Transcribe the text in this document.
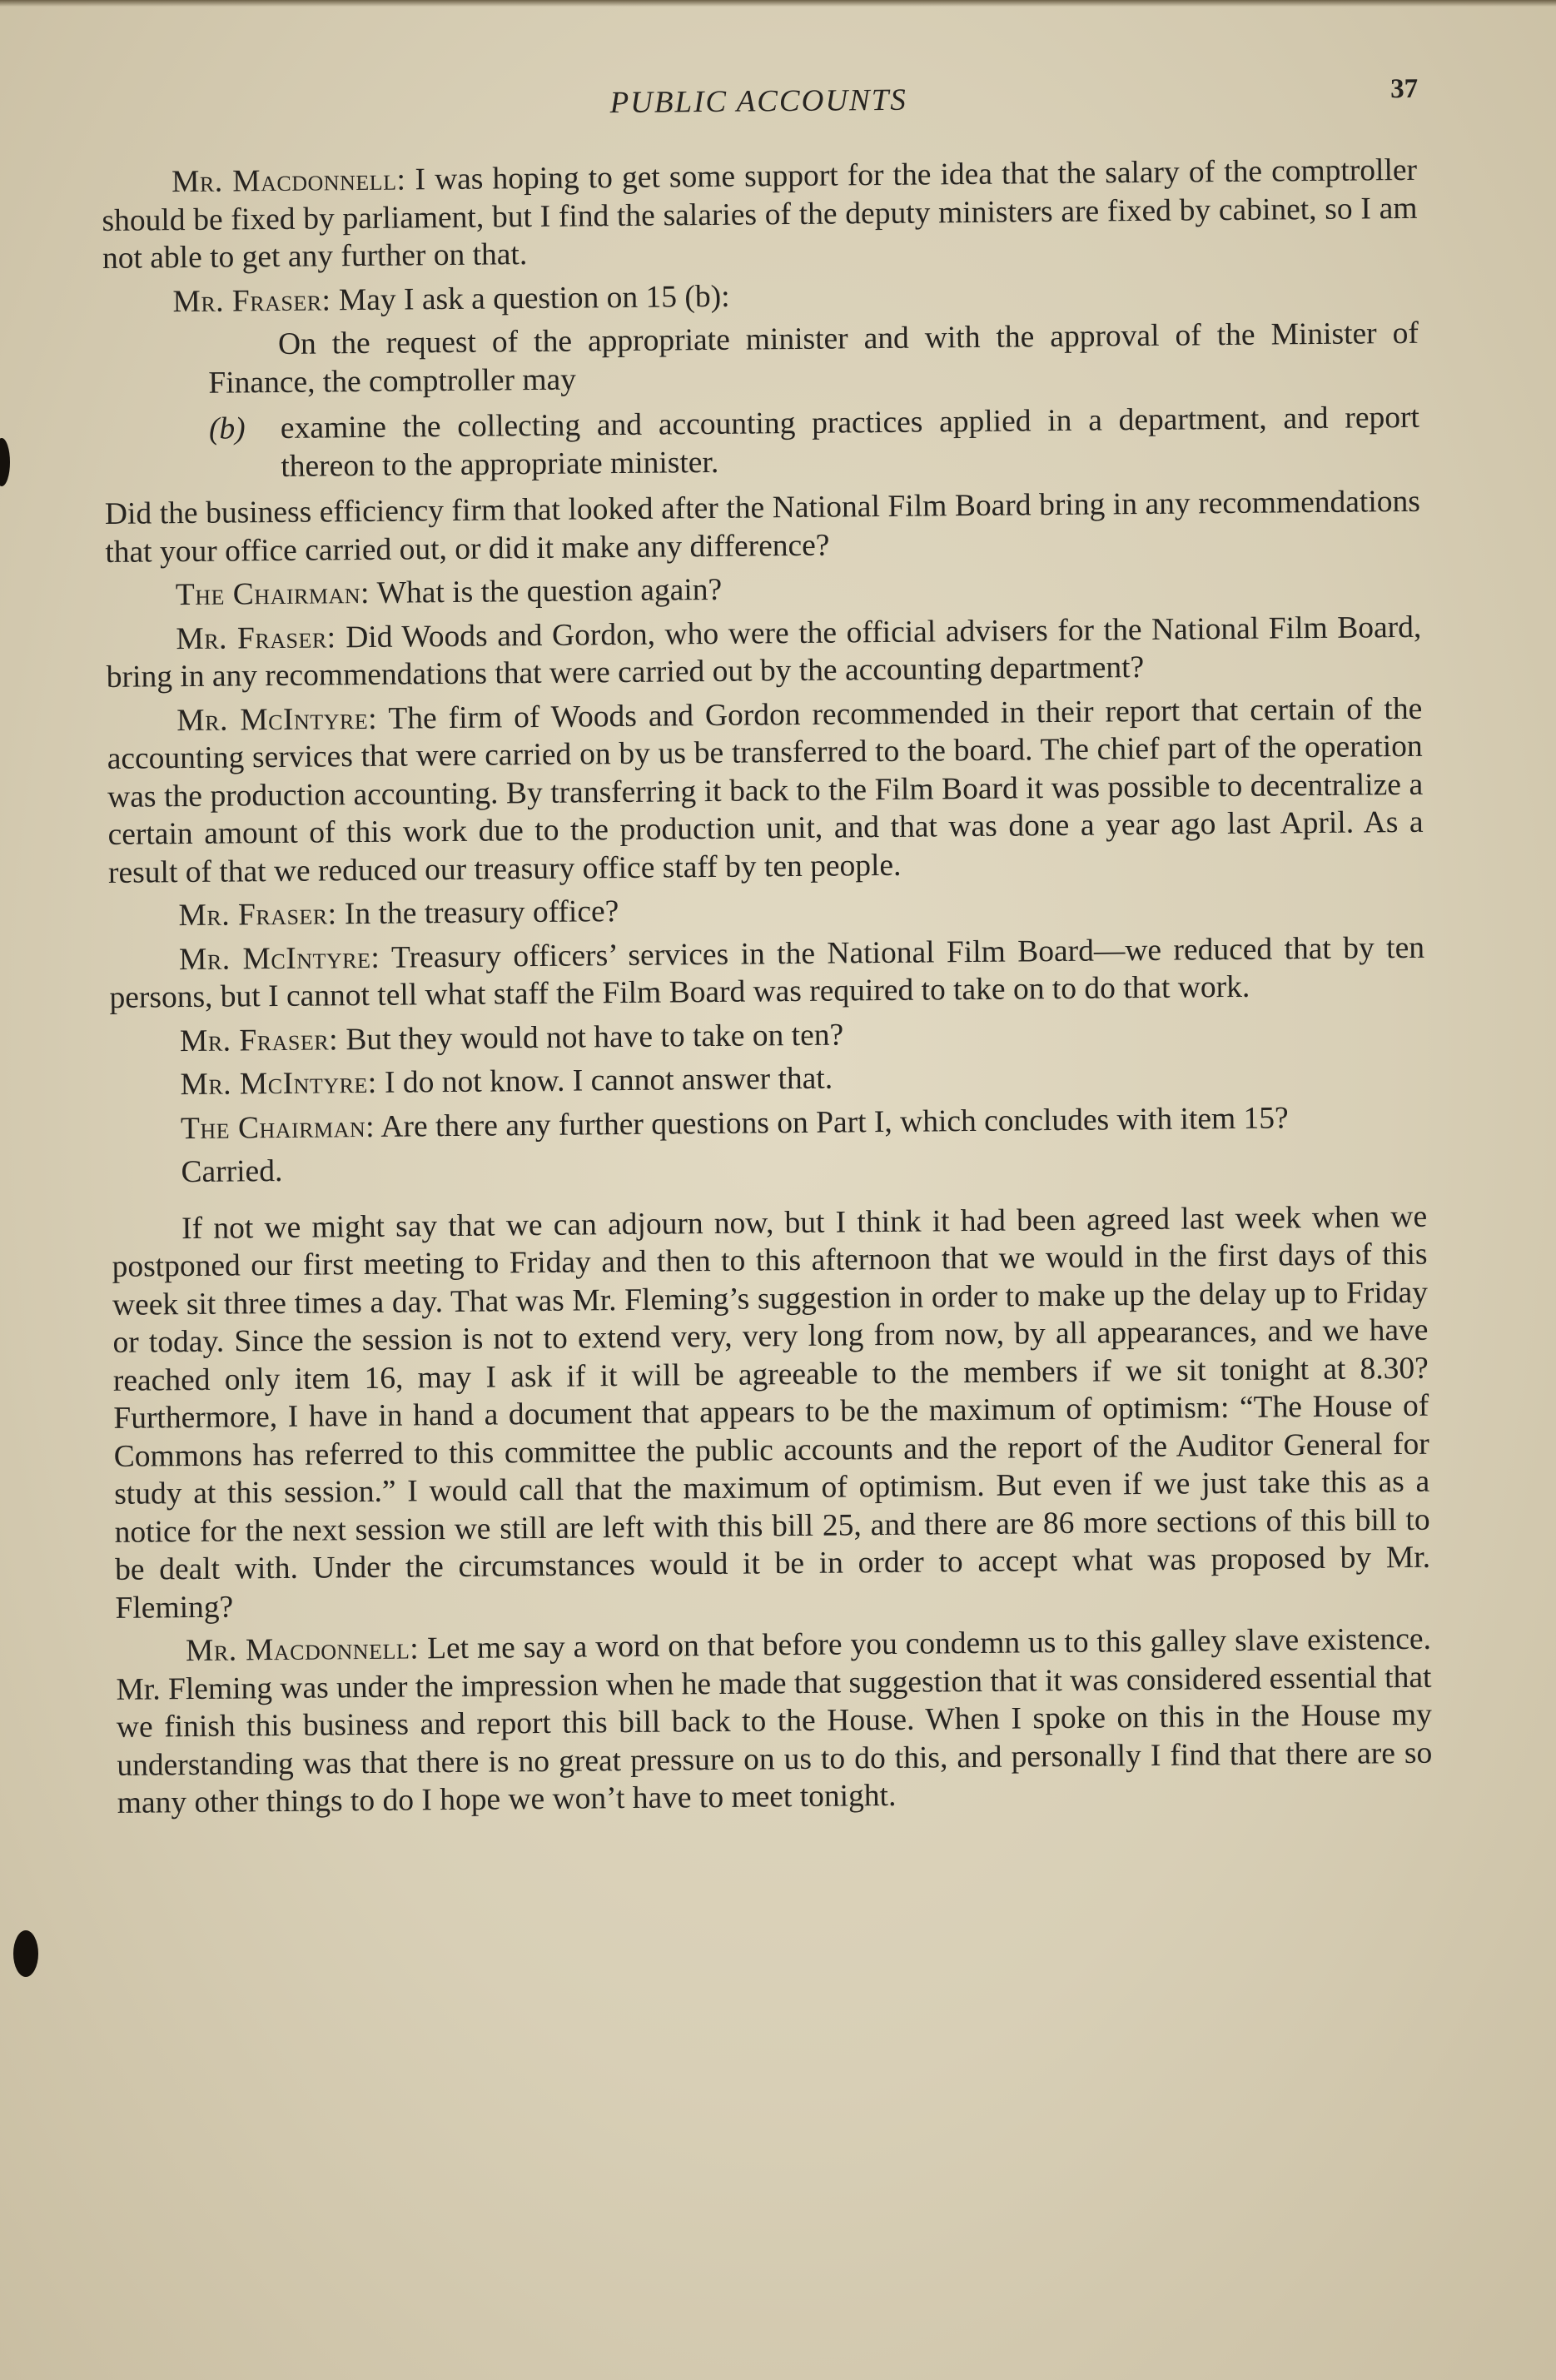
PUBLIC ACCOUNTS	37

Mr. Macdonnell: I was hoping to get some support for the idea that the salary of the comptroller should be fixed by parliament, but I find the salaries of the deputy ministers are fixed by cabinet, so I am not able to get any further on that.

Mr. Fraser: May I ask a question on 15 (b):

On the request of the appropriate minister and with the approval of the Minister of Finance, the comptroller may
(b)	examine the collecting and accounting practices applied in a department, and report thereon to the appropriate minister.

Did the business efficiency firm that looked after the National Film Board bring in any recommendations that your office carried out, or did it make any difference?

The Chairman: What is the question again?

Mr. Fraser: Did Woods and Gordon, who were the official advisers for the National Film Board, bring in any recommendations that were carried out by the accounting department?

Mr. McIntyre: The firm of Woods and Gordon recommended in their report that certain of the accounting services that were carried on by us be transferred to the board. The chief part of the operation was the production accounting. By transferring it back to the Film Board it was possible to decentralize a certain amount of this work due to the production unit, and that was done a year ago last April. As a result of that we reduced our treasury office staff by ten people.

Mr. Fraser: In the treasury office?

Mr. McIntyre: Treasury officers’ services in the National Film Board—we reduced that by ten persons, but I cannot tell what staff the Film Board was required to take on to do that work.

Mr. Fraser: But they would not have to take on ten?

Mr. McIntyre: I do not know. I cannot answer that.

The Chairman: Are there any further questions on Part I, which concludes with item 15?

Carried.

If not we might say that we can adjourn now, but I think it had been agreed last week when we postponed our first meeting to Friday and then to this afternoon that we would in the first days of this week sit three times a day. That was Mr. Fleming’s suggestion in order to make up the delay up to Friday or today. Since the session is not to extend very, very long from now, by all appearances, and we have reached only item 16, may I ask if it will be agreeable to the members if we sit tonight at 8.30? Furthermore, I have in hand a document that appears to be the maximum of optimism: “The House of Commons has referred to this committee the public accounts and the report of the Auditor General for study at this session.” I would call that the maximum of optimism. But even if we just take this as a notice for the next session we still are left with this bill 25, and there are 86 more sections of this bill to be dealt with. Under the circumstances would it be in order to accept what was proposed by Mr. Fleming?

Mr. Macdonnell: Let me say a word on that before you condemn us to this galley slave existence. Mr. Fleming was under the impression when he made that suggestion that it was considered essential that we finish this business and report this bill back to the House. When I spoke on this in the House my understanding was that there is no great pressure on us to do this, and personally I find that there are so many other things to do I hope we won’t have to meet tonight.
